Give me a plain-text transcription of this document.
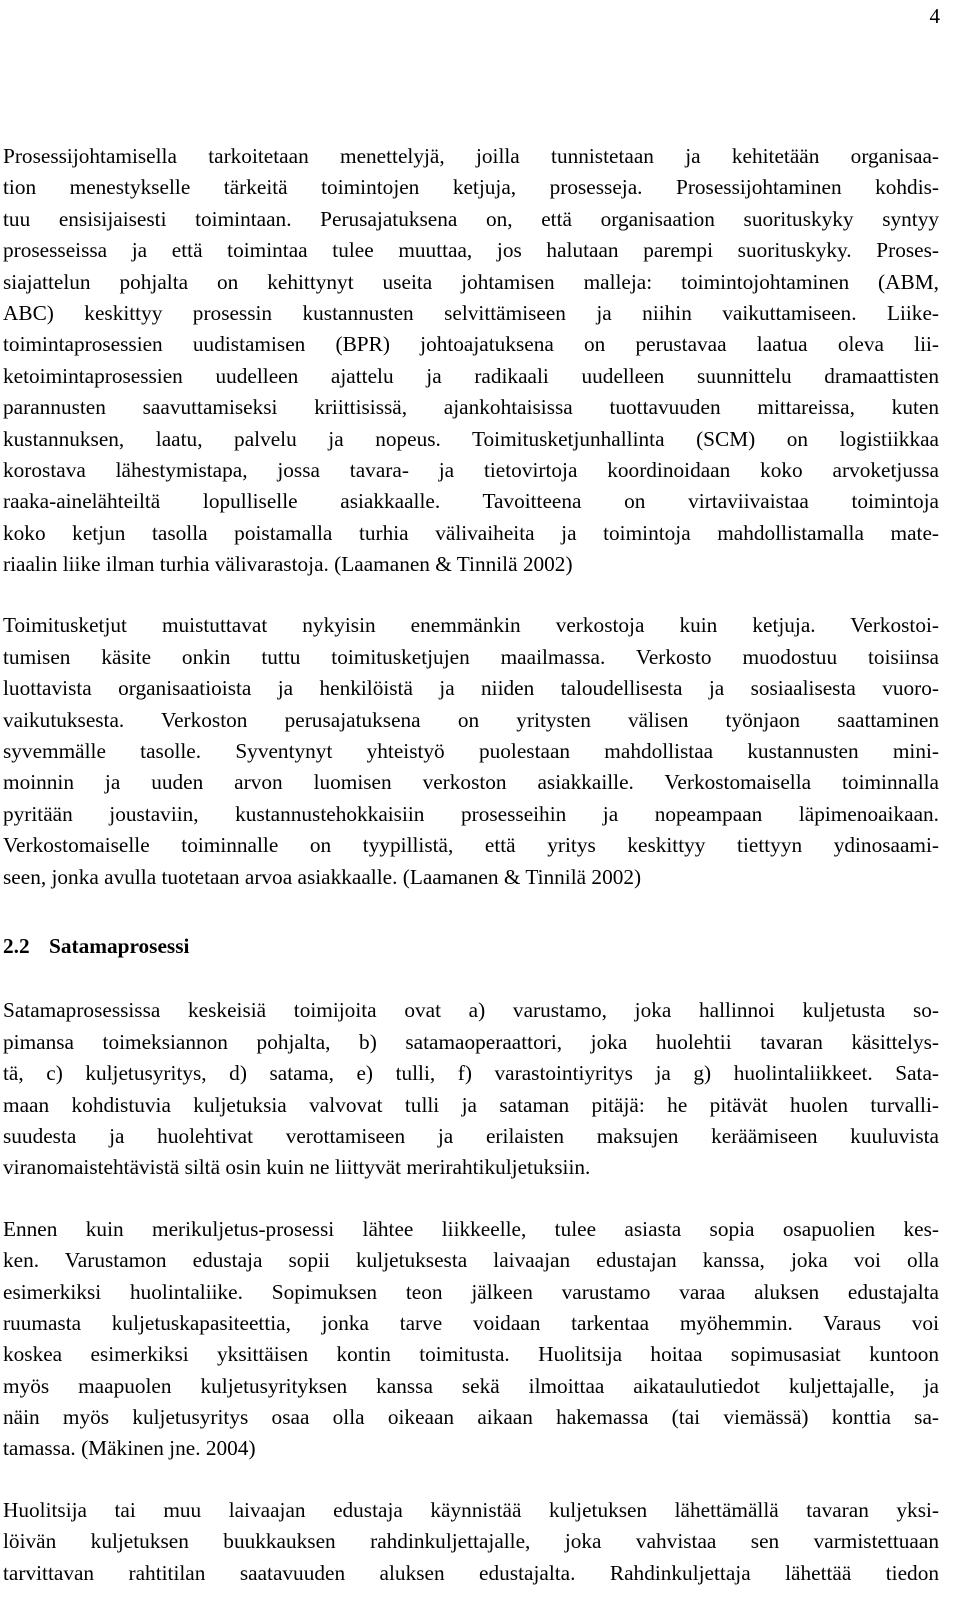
4
Prosessijohtamisella tarkoitetaan menettelyjä, joilla tunnistetaan ja kehitetään organisaa-
tion menestykselle tärkeitä toimintojen ketjuja, prosesseja. Prosessijohtaminen kohdis-
tuu ensisijaisesti toimintaan. Perusajatuksena on, että organisaation suorituskyky syntyy
prosesseissa ja että toimintaa tulee muuttaa, jos halutaan parempi suorituskyky. Proses-
siajattelun pohjalta on kehittynyt useita johtamisen malleja: toimintojohtaminen (ABM,
ABC) keskittyy prosessin kustannusten selvittämiseen ja niihin vaikuttamiseen. Liike-
toimintaprosessien uudistamisen (BPR) johtoajatuksena on perustavaa laatua oleva lii-
ketoimintaprosessien uudelleen ajattelu ja radikaali uudelleen suunnittelu dramaattisten
parannusten saavuttamiseksi kriittisissä, ajankohtaisissa tuottavuuden mittareissa, kuten
kustannuksen, laatu, palvelu ja nopeus. Toimitusketjunhallinta (SCM) on logistiikkaa
korostava lähestymistapa, jossa tavara- ja tietovirtoja koordinoidaan koko arvoketjussa
raaka-ainelähteiltä lopulliselle asiakkaalle. Tavoitteena on virtaviivaistaa toimintoja
koko ketjun tasolla poistamalla turhia välivaiheita ja toimintoja mahdollistamalla mate-
riaalin liike ilman turhia välivarastoja. (Laamanen & Tinnilä 2002)
Toimitusketjut muistuttavat nykyisin enemmänkin verkostoja kuin ketjuja. Verkostoi-
tumisen käsite onkin tuttu toimitusketjujen maailmassa. Verkosto muodostuu toisiinsa
luottavista organisaatioista ja henkilöistä ja niiden taloudellisesta ja sosiaalisesta vuoro-
vaikutuksesta. Verkoston perusajatuksena on yritysten välisen työnjaon saattaminen
syvemmälle tasolle. Syventynyt yhteistyö puolestaan mahdollistaa kustannusten mini-
moinnin ja uuden arvon luomisen verkoston asiakkaille. Verkostomaisella toiminnalla
pyritään joustaviin, kustannustehokkaisiin prosesseihin ja nopeampaan läpimenoaikaan.
Verkostomaiselle toiminnalle on tyypillistä, että yritys keskittyy tiettyyn ydinosaami-
seen, jonka avulla tuotetaan arvoa asiakkaalle. (Laamanen & Tinnilä 2002)
2.2 Satamaprosessi
Satamaprosessissa keskeisiä toimijoita ovat a) varustamo, joka hallinnoi kuljetusta so-
pimansa toimeksiannon pohjalta, b) satamaoperaattori, joka huolehtii tavaran käsittelys-
tä, c) kuljetusyritys, d) satama, e) tulli, f) varastointiyritys ja g) huolintaliikkeet. Sata-
maan kohdistuvia kuljetuksia valvovat tulli ja sataman pitäjä: he pitävät huolen turvalli-
suudesta ja huolehtivat verottamiseen ja erilaisten maksujen keräämiseen kuuluvista
viranomaistehtävistä siltä osin kuin ne liittyvät merirahtikuljetuksiin.
Ennen kuin merikuljetus-prosessi lähtee liikkeelle, tulee asiasta sopia osapuolien kes-
ken. Varustamon edustaja sopii kuljetuksesta laivaajan edustajan kanssa, joka voi olla
esimerkiksi huolintaliike. Sopimuksen teon jälkeen varustamo varaa aluksen edustajalta
ruumasta kuljetuskapasiteettia, jonka tarve voidaan tarkentaa myöhemmin. Varaus voi
koskea esimerkiksi yksittäisen kontin toimitusta. Huolitsija hoitaa sopimusasiat kuntoon
myös maapuolen kuljetusyrityksen kanssa sekä ilmoittaa aikataulutiedot kuljettajalle, ja
näin myös kuljetusyritys osaa olla oikeaan aikaan hakemassa (tai viemässä) konttia sa-
tamassa. (Mäkinen jne. 2004)
Huolitsija tai muu laivaajan edustaja käynnistää kuljetuksen lähettämällä tavaran yksi-
löivän kuljetuksen buukkauksen rahdinkuljettajalle, joka vahvistaa sen varmistettuaan
tarvittavan rahtitilan saatavuuden aluksen edustajalta. Rahdinkuljettaja lähettää tiedon
